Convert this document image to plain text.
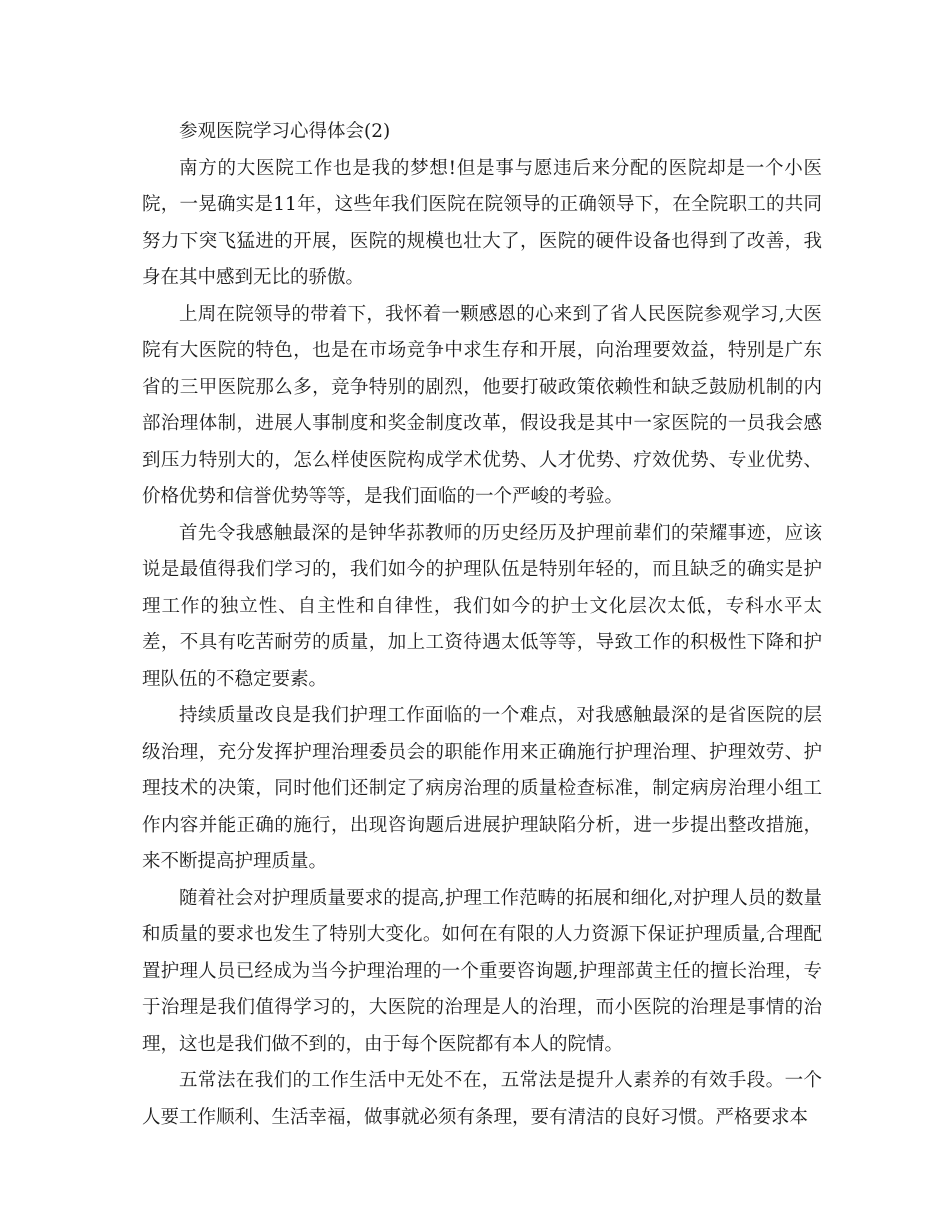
参观医院学习心得体会(2)

南方的大医院工作也是我的梦想!但是事与愿违后来分配的医院却是一个小医院，一晃确实是11年，这些年我们医院在院领导的正确领导下，在全院职工的共同努力下突飞猛进的开展，医院的规模也壮大了，医院的硬件设备也得到了改善，我身在其中感到无比的骄傲。

上周在院领导的带着下，我怀着一颗感恩的心来到了省人民医院参观学习,大医院有大医院的特色，也是在市场竞争中求生存和开展，向治理要效益，特别是广东省的三甲医院那么多，竞争特别的剧烈，他要打破政策依赖性和缺乏鼓励机制的内部治理体制，进展人事制度和奖金制度改革，假设我是其中一家医院的一员我会感到压力特别大的，怎么样使医院构成学术优势、人才优势、疗效优势、专业优势、价格优势和信誉优势等等，是我们面临的一个严峻的考验。

首先令我感触最深的是钟华荪教师的历史经历及护理前辈们的荣耀事迹，应该说是最值得我们学习的，我们如今的护理队伍是特别年轻的，而且缺乏的确实是护理工作的独立性、自主性和自律性，我们如今的护士文化层次太低，专科水平太差，不具有吃苦耐劳的质量，加上工资待遇太低等等，导致工作的积极性下降和护理队伍的不稳定要素。

持续质量改良是我们护理工作面临的一个难点，对我感触最深的是省医院的层级治理，充分发挥护理治理委员会的职能作用来正确施行护理治理、护理效劳、护理技术的决策，同时他们还制定了病房治理的质量检查标准，制定病房治理小组工作内容并能正确的施行，出现咨询题后进展护理缺陷分析，进一步提出整改措施，来不断提高护理质量。

随着社会对护理质量要求的提高,护理工作范畴的拓展和细化,对护理人员的数量和质量的要求也发生了特别大变化。如何在有限的人力资源下保证护理质量,合理配置护理人员已经成为当今护理治理的一个重要咨询题,护理部黄主任的擅长治理，专于治理是我们值得学习的，大医院的治理是人的治理，而小医院的治理是事情的治理，这也是我们做不到的，由于每个医院都有本人的院情。

五常法在我们的工作生活中无处不在，五常法是提升人素养的有效手段。一个人要工作顺利、生活幸福，做事就必须有条理，要有清洁的良好习惯。严格要求本
